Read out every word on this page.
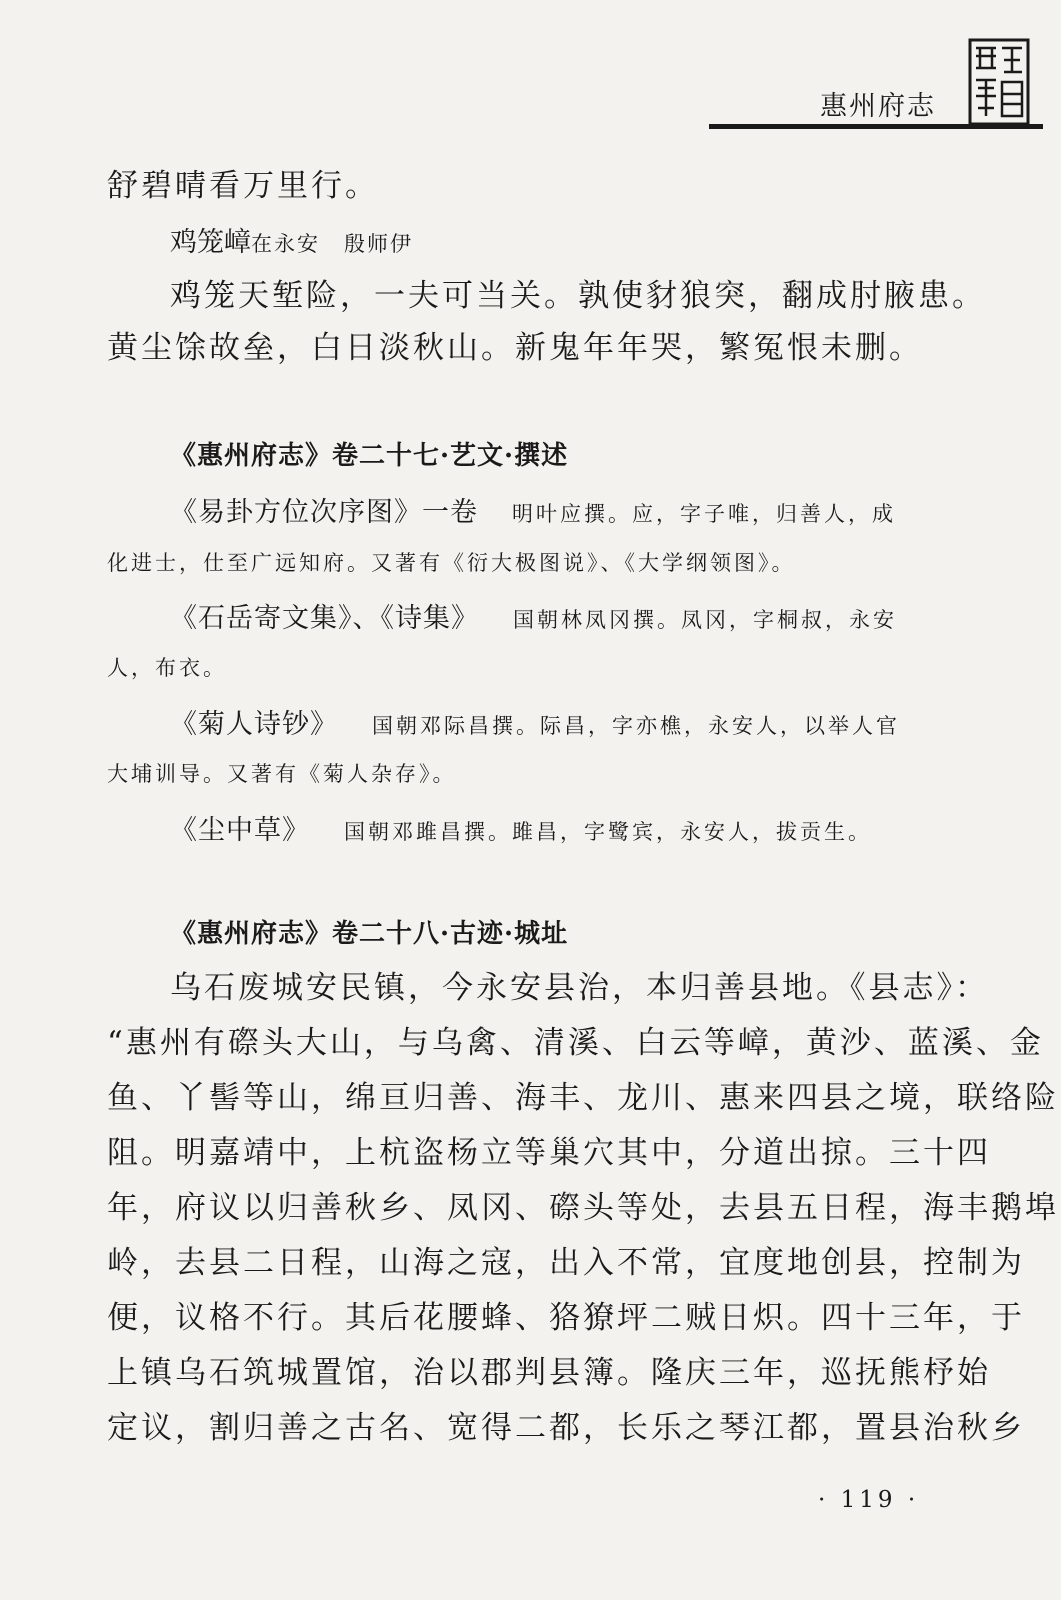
惠州府志
舒碧晴看万里行。
鸡笼嶂在永安 殷师伊
鸡笼天堑险，一夫可当关。孰使豺狼突，翻成肘腋患。
黄尘馀故垒，白日淡秋山。新鬼年年哭，繁冤恨未删。
《惠州府志》卷二十七·艺文·撰述
《易卦方位次序图》一卷 明叶应撰。应，字子唯，归善人，成
化进士，仕至广远知府。又著有《衍大极图说》、《大学纲领图》。
《石岳寄文集》、《诗集》 国朝林凤冈撰。凤冈，字桐叔，永安
人，布衣。
《菊人诗钞》 国朝邓际昌撰。际昌，字亦樵，永安人，以举人官
大埔训导。又著有《菊人杂存》。
《尘中草》 国朝邓雎昌撰。雎昌，字鹭宾，永安人，拔贡生。
《惠州府志》卷二十八·古迹·城址
乌石废城安民镇，今永安县治，本归善县地。《县志》：
“惠州有磜头大山，与乌禽、清溪、白云等嶂，黄沙、蓝溪、金
鱼、丫髻等山，绵亘归善、海丰、龙川、惠来四县之境，联络险
阻。明嘉靖中，上杭盗杨立等巢穴其中，分道出掠。三十四
年，府议以归善秋乡、凤冈、磜头等处，去县五日程，海丰鹅埠
岭，去县二日程，山海之寇，出入不常，宜度地创县，控制为
便，议格不行。其后花腰蜂、狢獠坪二贼日炽。四十三年，于
上镇乌石筑城置馆，治以郡判县簿。隆庆三年，巡抚熊杼始
定议，割归善之古名、宽得二都，长乐之琴江都，置县治秋乡
· 119 ·
